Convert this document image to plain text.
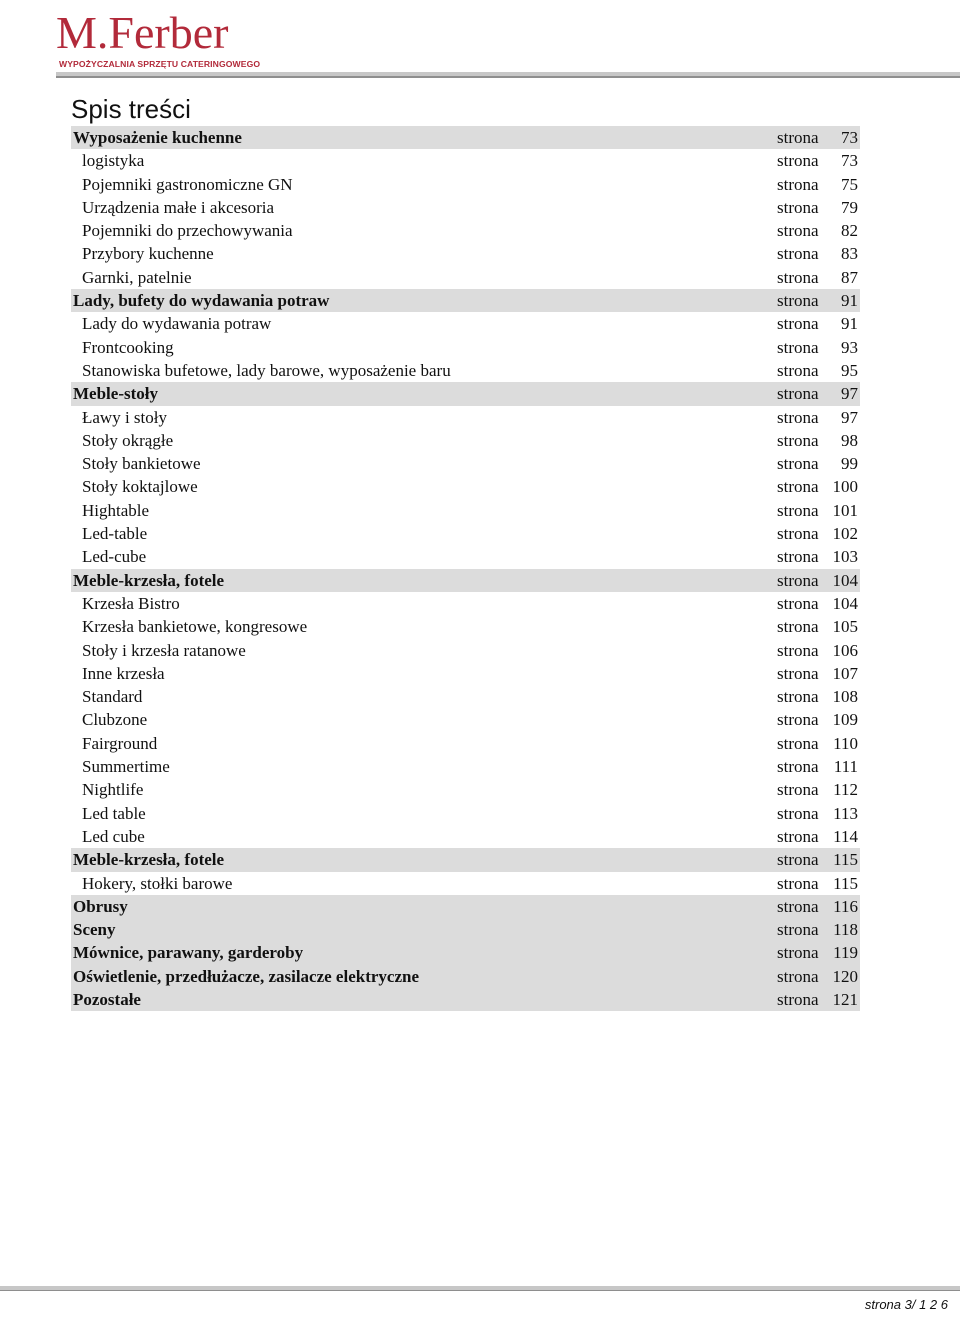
M.Ferber
WYPOŻYCZALNIA SPRZĘTU CATERINGOWEGO
Spis treści
Wyposażenie kuchenne	strona 73
logistyka	strona 73
Pojemniki gastronomiczne GN	strona 75
Urządzenia małe i akcesoria	strona 79
Pojemniki do przechowywania	strona 82
Przybory kuchenne	strona 83
Garnki, patelnie	strona 87
Lady, bufety do wydawania potraw	strona 91
Lady do wydawania potraw	strona 91
Frontcooking	strona 93
Stanowiska bufetowe, lady barowe, wyposażenie baru	strona 95
Meble-stoły	strona 97
Ławy i stoły	strona 97
Stoły okrągłe	strona 98
Stoły bankietowe	strona 99
Stoły koktajlowe	strona 100
Hightable	strona 101
Led-table	strona 102
Led-cube	strona 103
Meble-krzesła, fotele	strona 104
Krzesła Bistro	strona 104
Krzesła bankietowe, kongresowe	strona 105
Stoły i krzesła ratanowe	strona 106
Inne krzesła	strona 107
Standard	strona 108
Clubzone	strona 109
Fairground	strona 110
Summertime	strona 111
Nightlife	strona 112
Led table	strona 113
Led cube	strona 114
Meble-krzesła, fotele	strona 115
Hokery, stołki barowe	strona 115
Obrusy	strona 116
Sceny	strona 118
Mównice, parawany, garderoby	strona 119
Oświetlenie, przedłużacze, zasilacze elektryczne	strona 120
Pozostałe	strona 121
strona 3/ 1 2 6
